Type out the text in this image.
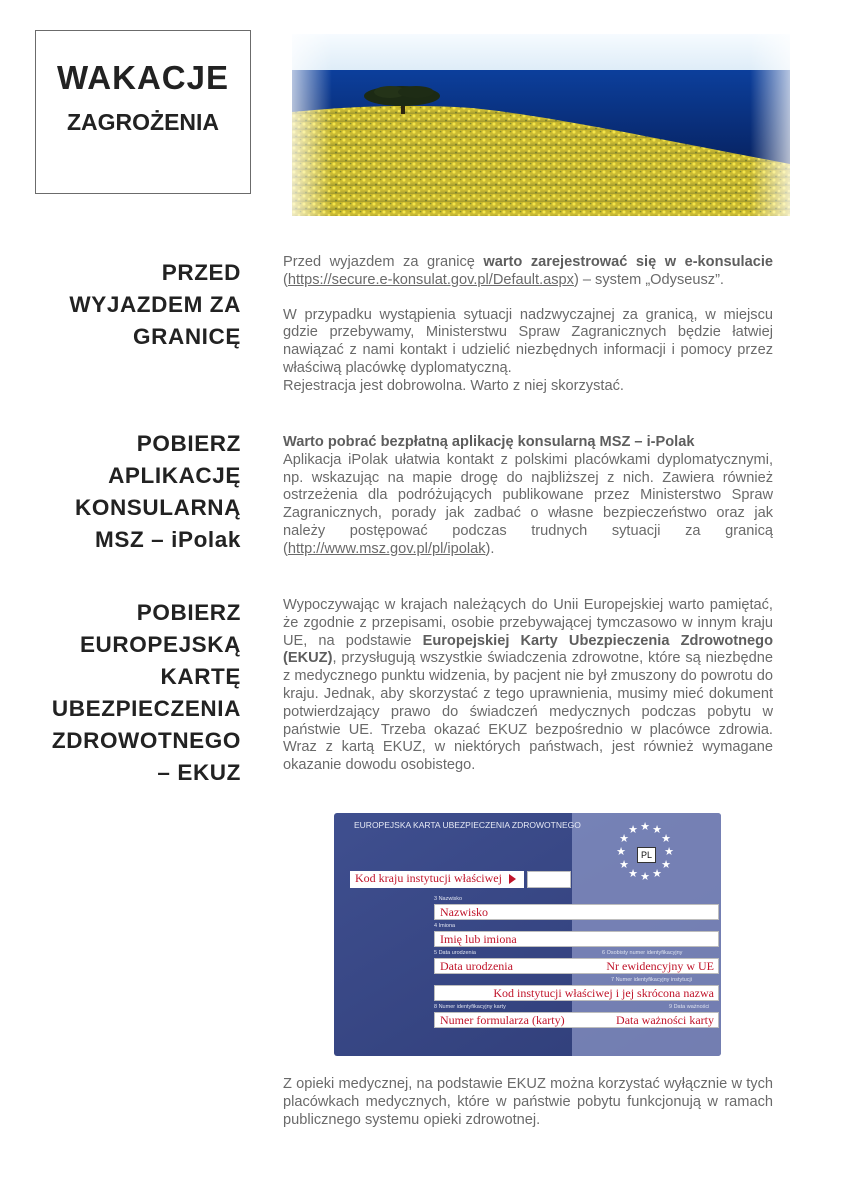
WAKACJE
ZAGROŻENIA
PRZED
WYJAZDEM ZA
GRANICĘ

Przed wyjazdem za granicę warto zarejestrować się w e-konsulacie (https://secure.e-konsulat.gov.pl/Default.aspx) – system „Odyseusz”.

W przypadku wystąpienia sytuacji nadzwyczajnej za granicą, w miejscu gdzie przebywamy, Ministerstwu Spraw Zagranicznych będzie łatwiej nawiązać z nami kontakt i udzielić niezbędnych informacji i pomocy przez właściwą placówkę dyplomatyczną.

Rejestracja jest dobrowolna. Warto z niej skorzystać.

POBIERZ
APLIKACJĘ
KONSULARNĄ
MSZ – iPolak

Warto pobrać bezpłatną aplikację konsularną MSZ – i-Polak

Aplikacja iPolak ułatwia kontakt z polskimi placówkami dyplomatycznymi, np. wskazując na mapie drogę do najbliższej z nich. Zawiera również ostrzeżenia dla podróżujących publikowane przez Ministerstwo Spraw Zagranicznych, porady jak zadbać o własne bezpieczeństwo oraz jak należy postępować podczas trudnych sytuacji za granicą (http://www.msz.gov.pl/pl/ipolak).

POBIERZ
EUROPEJSKĄ
KARTĘ
UBEZPIECZENIA
ZDROWOTNEGO
– EKUZ

Wypoczywając w krajach należących do Unii Europejskiej warto pamiętać, że zgodnie z przepisami, osobie przebywającej tymczasowo w innym kraju UE, na podstawie Europejskiej Karty Ubezpieczenia Zdrowotnego (EKUZ), przysługują wszystkie świadczenia zdrowotne, które są niezbędne z medycznego punktu widzenia, by pacjent nie był zmuszony do powrotu do kraju. Jednak, aby skorzystać z tego uprawnienia, musimy mieć dokument potwierdzający prawo do świadczeń medycznych podczas pobytu w państwie UE. Trzeba okazać EKUZ bezpośrednio w placówce zdrowia. Wraz z kartą EKUZ, w niektórych państwach, jest również wymagane okazanie dowodu osobistego.

EUROPEJSKA KARTA UBEZPIECZENIA ZDROWOTNEGO	★ ★
★
★
★
★
★
★
★
★
★
★
PL
Kod kraju instytucji właściwej
3 Nazwisko
Nazwisko
4 Imiona
Imię lub imiona
5 Data urodzenia	6 Osobisty numer identyfikacyjny
Data urodzenia	Nr ewidencyjny w UE
7 Numer identyfikacyjny instytucji
Kod instytucji właściwej i jej skrócona nazwa
8 Numer identyfikacyjny karty	9 Data ważności
Numer formularza (karty)	Data ważności karty

Z opieki medycznej, na podstawie EKUZ można korzystać wyłącznie w tych placówkach medycznych, które w państwie pobytu funkcjonują w ramach publicznego systemu opieki zdrowotnej.
